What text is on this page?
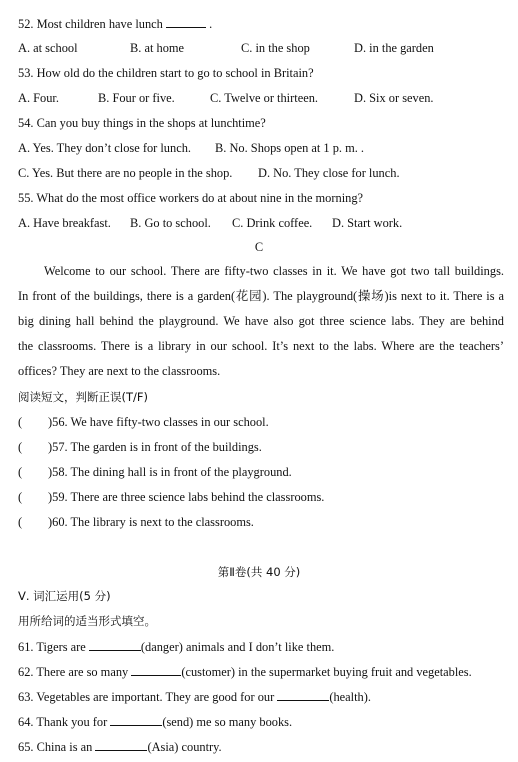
52. Most children have lunch	.
A. at school	B. at home	C. in the shop	D. in the garden
53. How old do the children start to go to school in Britain?
A. Four.	B. Four or five.	C. Twelve or thirteen.	D. Six or seven.
54. Can you buy things in the shops at lunchtime?
A. Yes. They don’t close for lunch. B. No. Shops open at 1 p. m. .
C. Yes. But there are no people in the shop. D. No. They close for lunch.
55. What do the most office workers do at about nine in the morning?
A. Have breakfast. B. Go to school. C. Drink coffee. D. Start work.
C
Welcome to our school. There are fifty-two classes in it. We have got two tall buildings.
In front of the buildings, there is a garden(花园). The playground(操场)is next to it. There is a
big dining hall behind the playground. We have also got three science labs. They are behind
the classrooms. There is a library in our school. It’s next to the labs. Where are the teachers’
offices? They are next to the classrooms.
阅读短文，判断正误(T/F)
( )56. We have fifty-two classes in our school.
( )57. The garden is in front of the buildings.
( )58. The dining hall is in front of the playground.
( )59. There are three science labs behind the classrooms.
( )60. The library is next to the classrooms.
第Ⅱ卷(共 40 分)
Ⅴ. 词汇运用(5 分)
用所给词的适当形式填空。
61. Tigers are	(danger) animals and I don’t like them.
62. There are so many	(customer) in the supermarket buying fruit and vegetables.
63. Vegetables are important. They are good for our	(health).
64. Thank you for	(send) me so many books.
65. China is an	(Asia) country.
